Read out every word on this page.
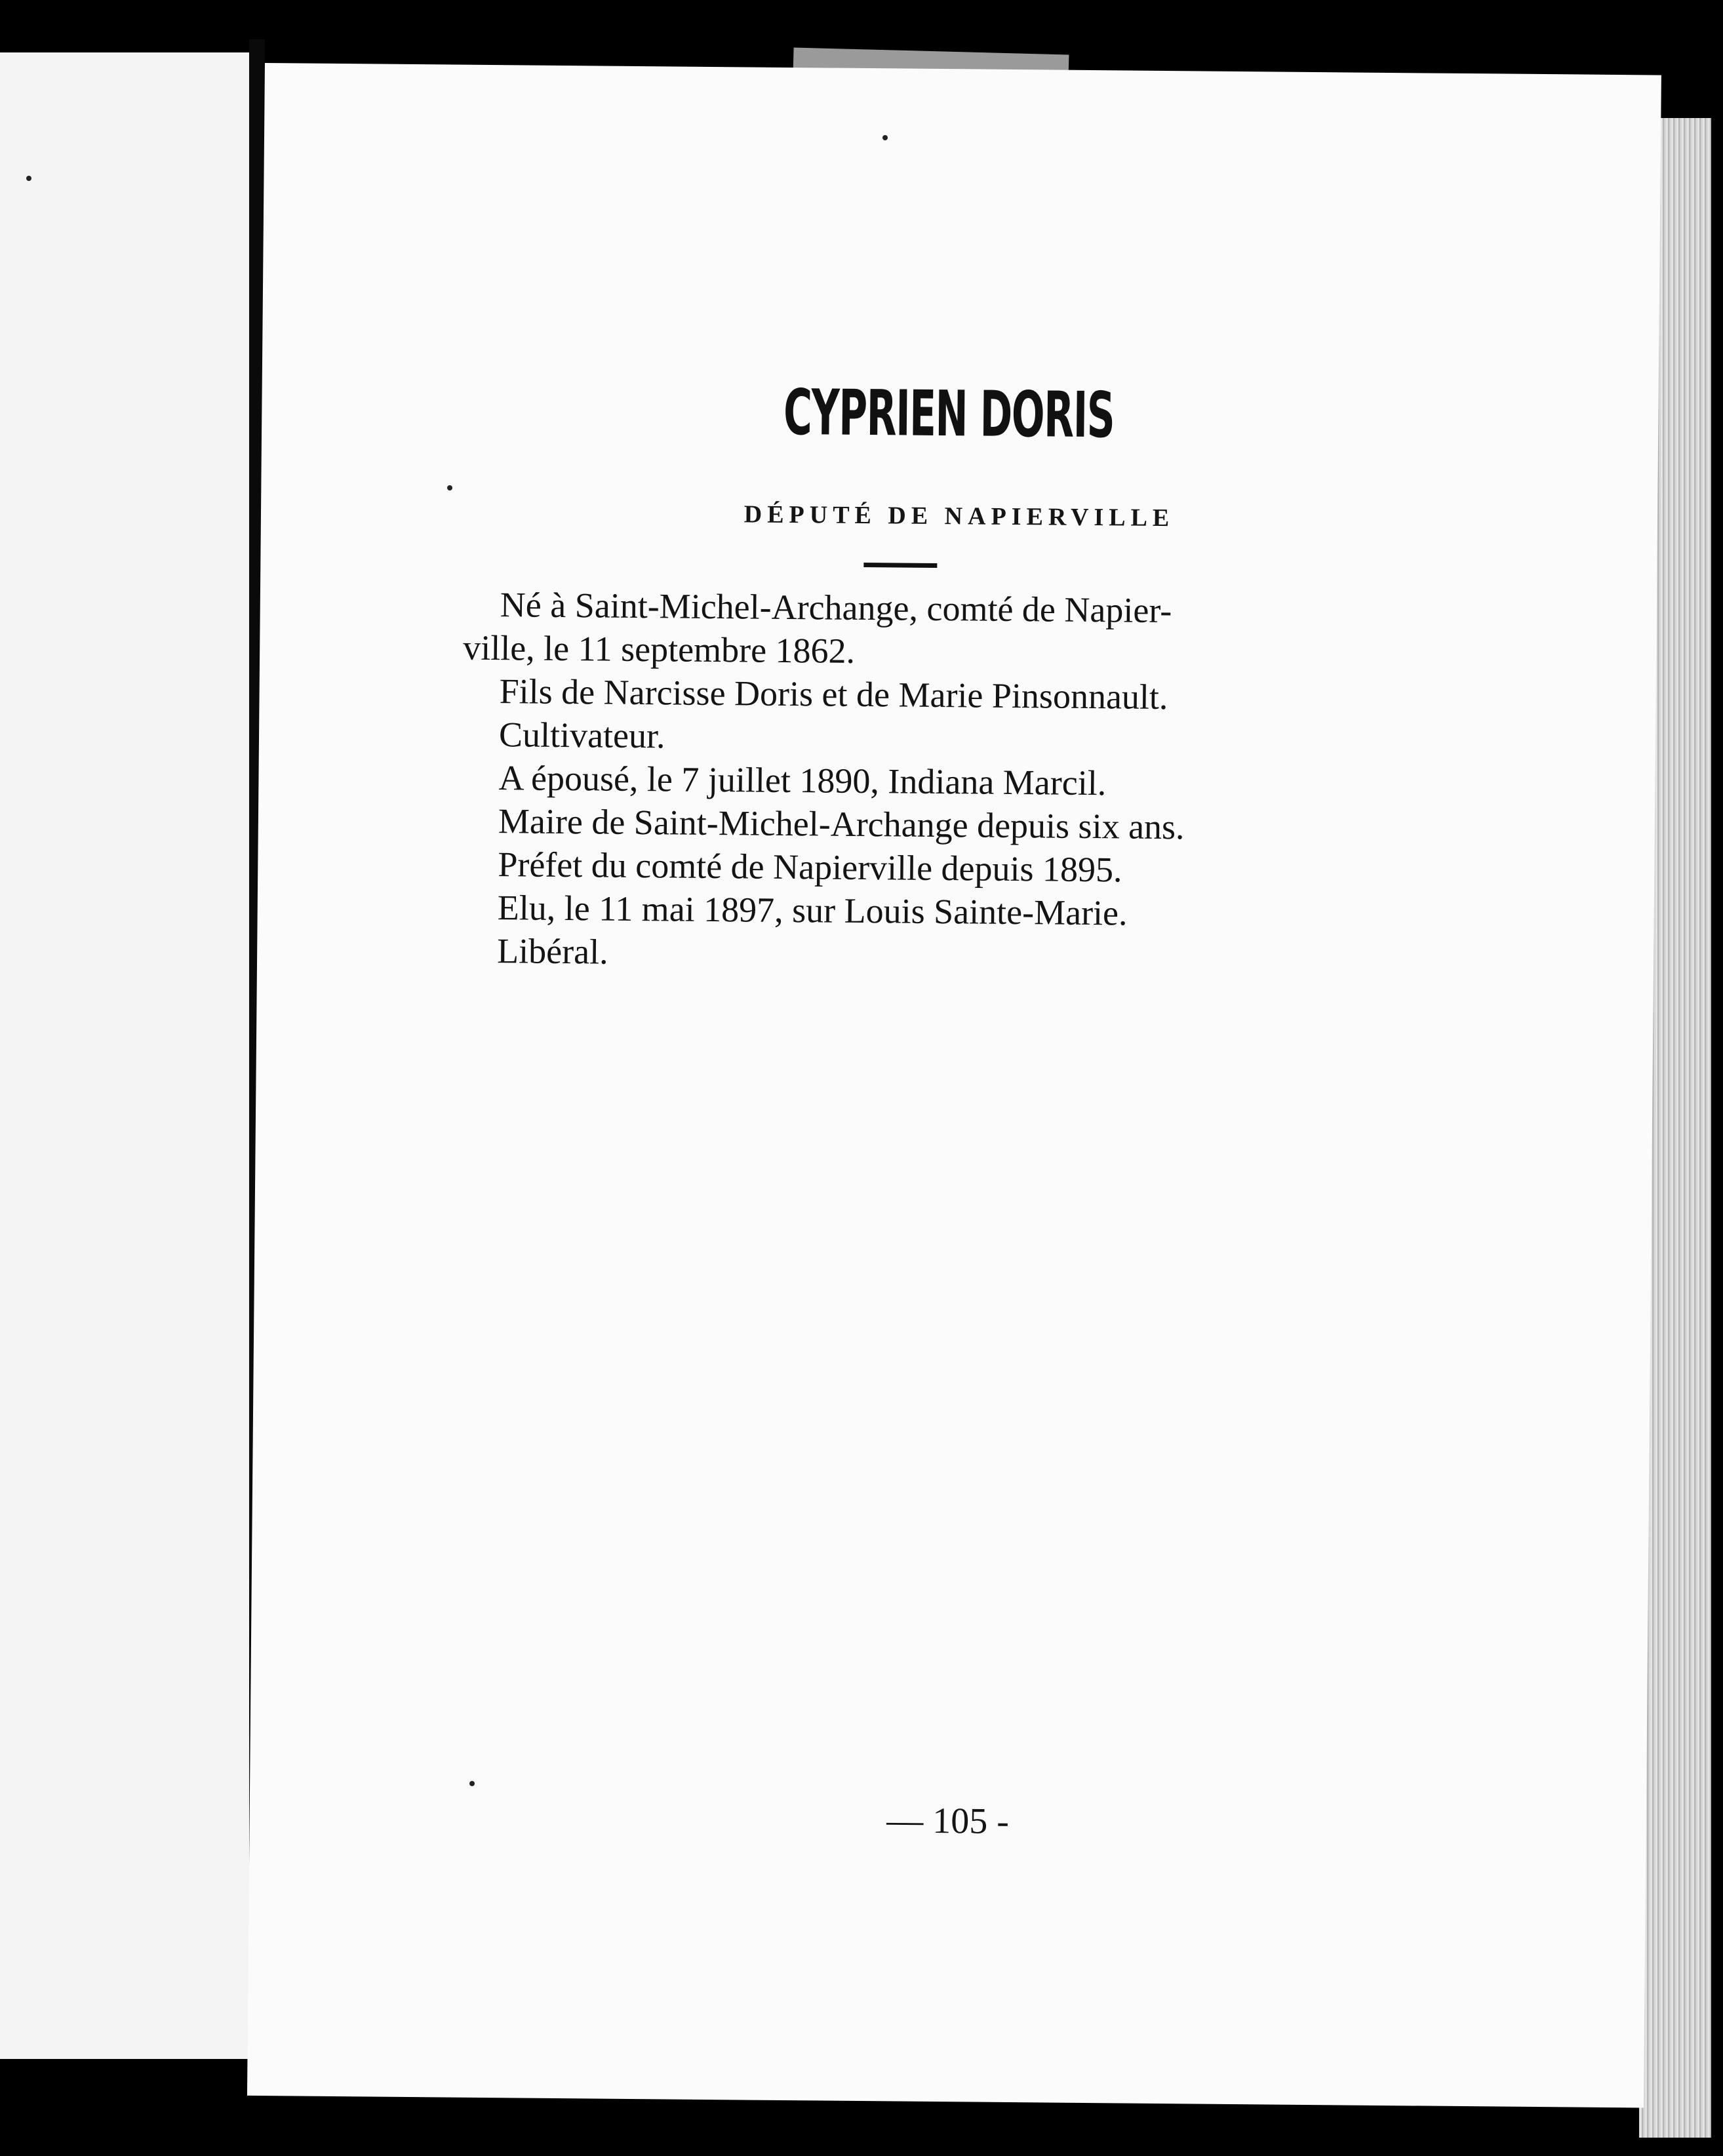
CYPRIEN DORIS
DÉPUTÉ DE NAPIERVILLE
Né à Saint-Michel-Archange, comté de Napier-
ville, le 11 septembre 1862.
Fils de Narcisse Doris et de Marie Pinsonnault.
Cultivateur.
A épousé, le 7 juillet 1890, Indiana Marcil.
Maire de Saint-Michel-Archange depuis six ans.
Préfet du comté de Napierville depuis 1895.
Elu, le 11 mai 1897, sur Louis Sainte-Marie.
Libéral.
— 105 -
